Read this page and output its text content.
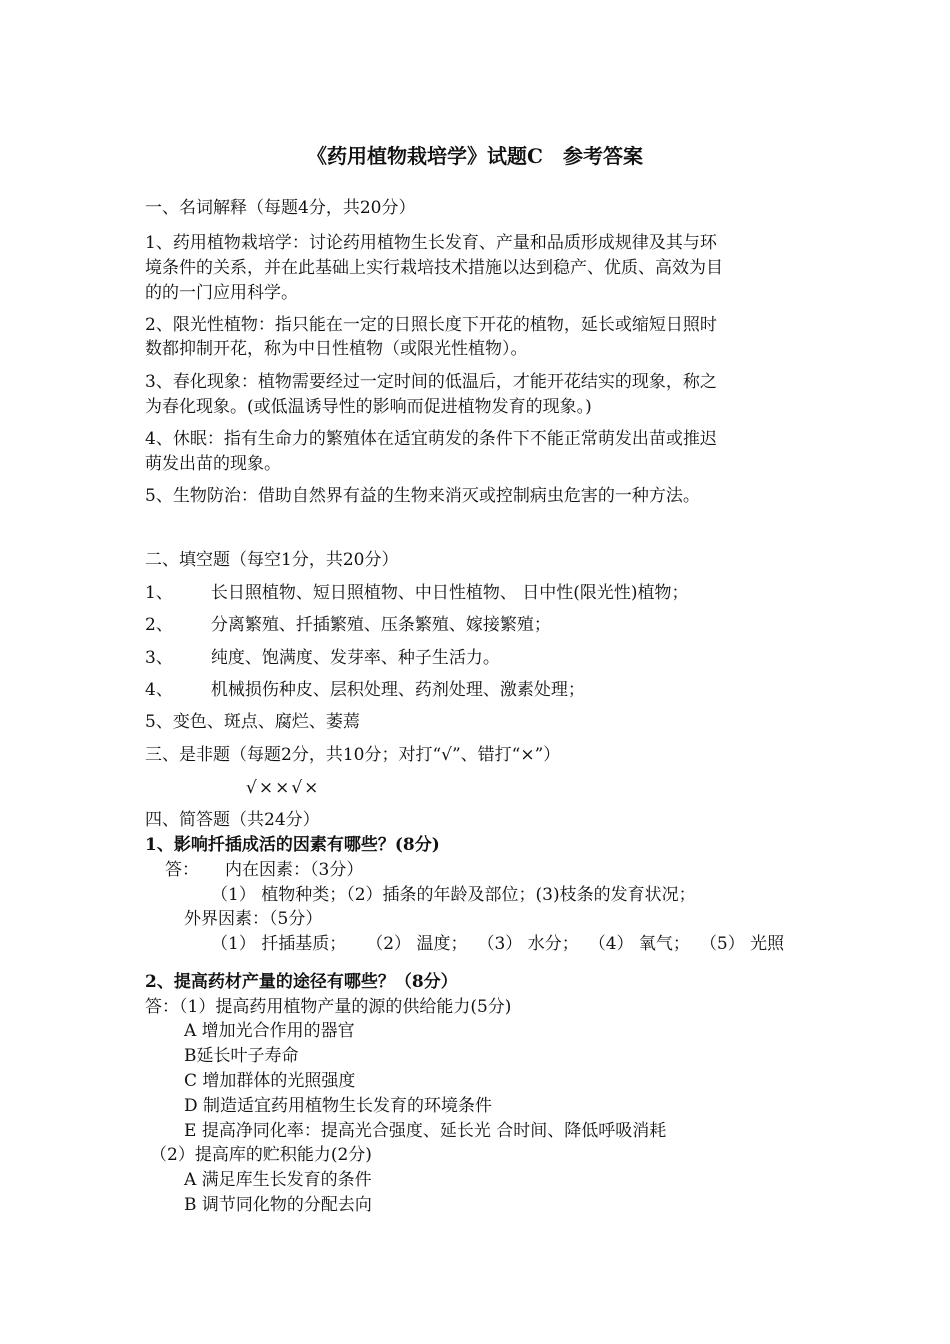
《药用植物栽培学》试题C　参考答案
一、名词解释（每题4分，共20分）
1、药用植物栽培学：讨论药用植物生长发育、产量和品质形成规律及其与环
境条件的关系，并在此基础上实行栽培技术措施以达到稳产、优质、高效为目
的的一门应用科学。
2、限光性植物：指只能在一定的日照长度下开花的植物，延长或缩短日照时
数都抑制开花，称为中日性植物（或限光性植物）。
3、春化现象：植物需要经过一定时间的低温后，才能开花结实的现象，称之
为春化现象。(或低温诱导性的影响而促进植物发育的现象。)
4、休眠：指有生命力的繁殖体在适宜萌发的条件下不能正常萌发出苗或推迟
萌发出苗的现象。
5、生物防治：借助自然界有益的生物来消灭或控制病虫危害的一种方法。
二、填空题（每空1分，共20分）
1、 长日照植物、短日照植物、中日性植物、 日中性(限光性)植物；
2、 分离繁殖、扦插繁殖、压条繁殖、嫁接繁殖；
3、 纯度、饱满度、发芽率、种子生活力。
4、 机械损伤种皮、层积处理、药剂处理、激素处理；
5、变色、斑点、腐烂、萎蔫
三、是非题（每题2分，共10分；对打“√”、错打“×”）
√××√×
四、简答题（共24分）
1、影响扦插成活的因素有哪些？(8分)
答： 内在因素：（3分）
（1） 植物种类；（2）插条的年龄及部位；(3)枝条的发育状况；
外界因素：（5分）
（1） 扦插基质； （2） 温度； （3） 水分； （4） 氧气； （5） 光照
2、提高药材产量的途径有哪些？（8分）
答：（1）提高药用植物产量的源的供给能力(5分)
A 增加光合作用的器官
B延长叶子寿命
C 增加群体的光照强度
D 制造适宜药用植物生长发育的环境条件
E 提高净同化率：提高光合强度、延长光 合时间、降低呼吸消耗
（2）提高库的贮积能力(2分)
A 满足库生长发育的条件
B 调节同化物的分配去向
